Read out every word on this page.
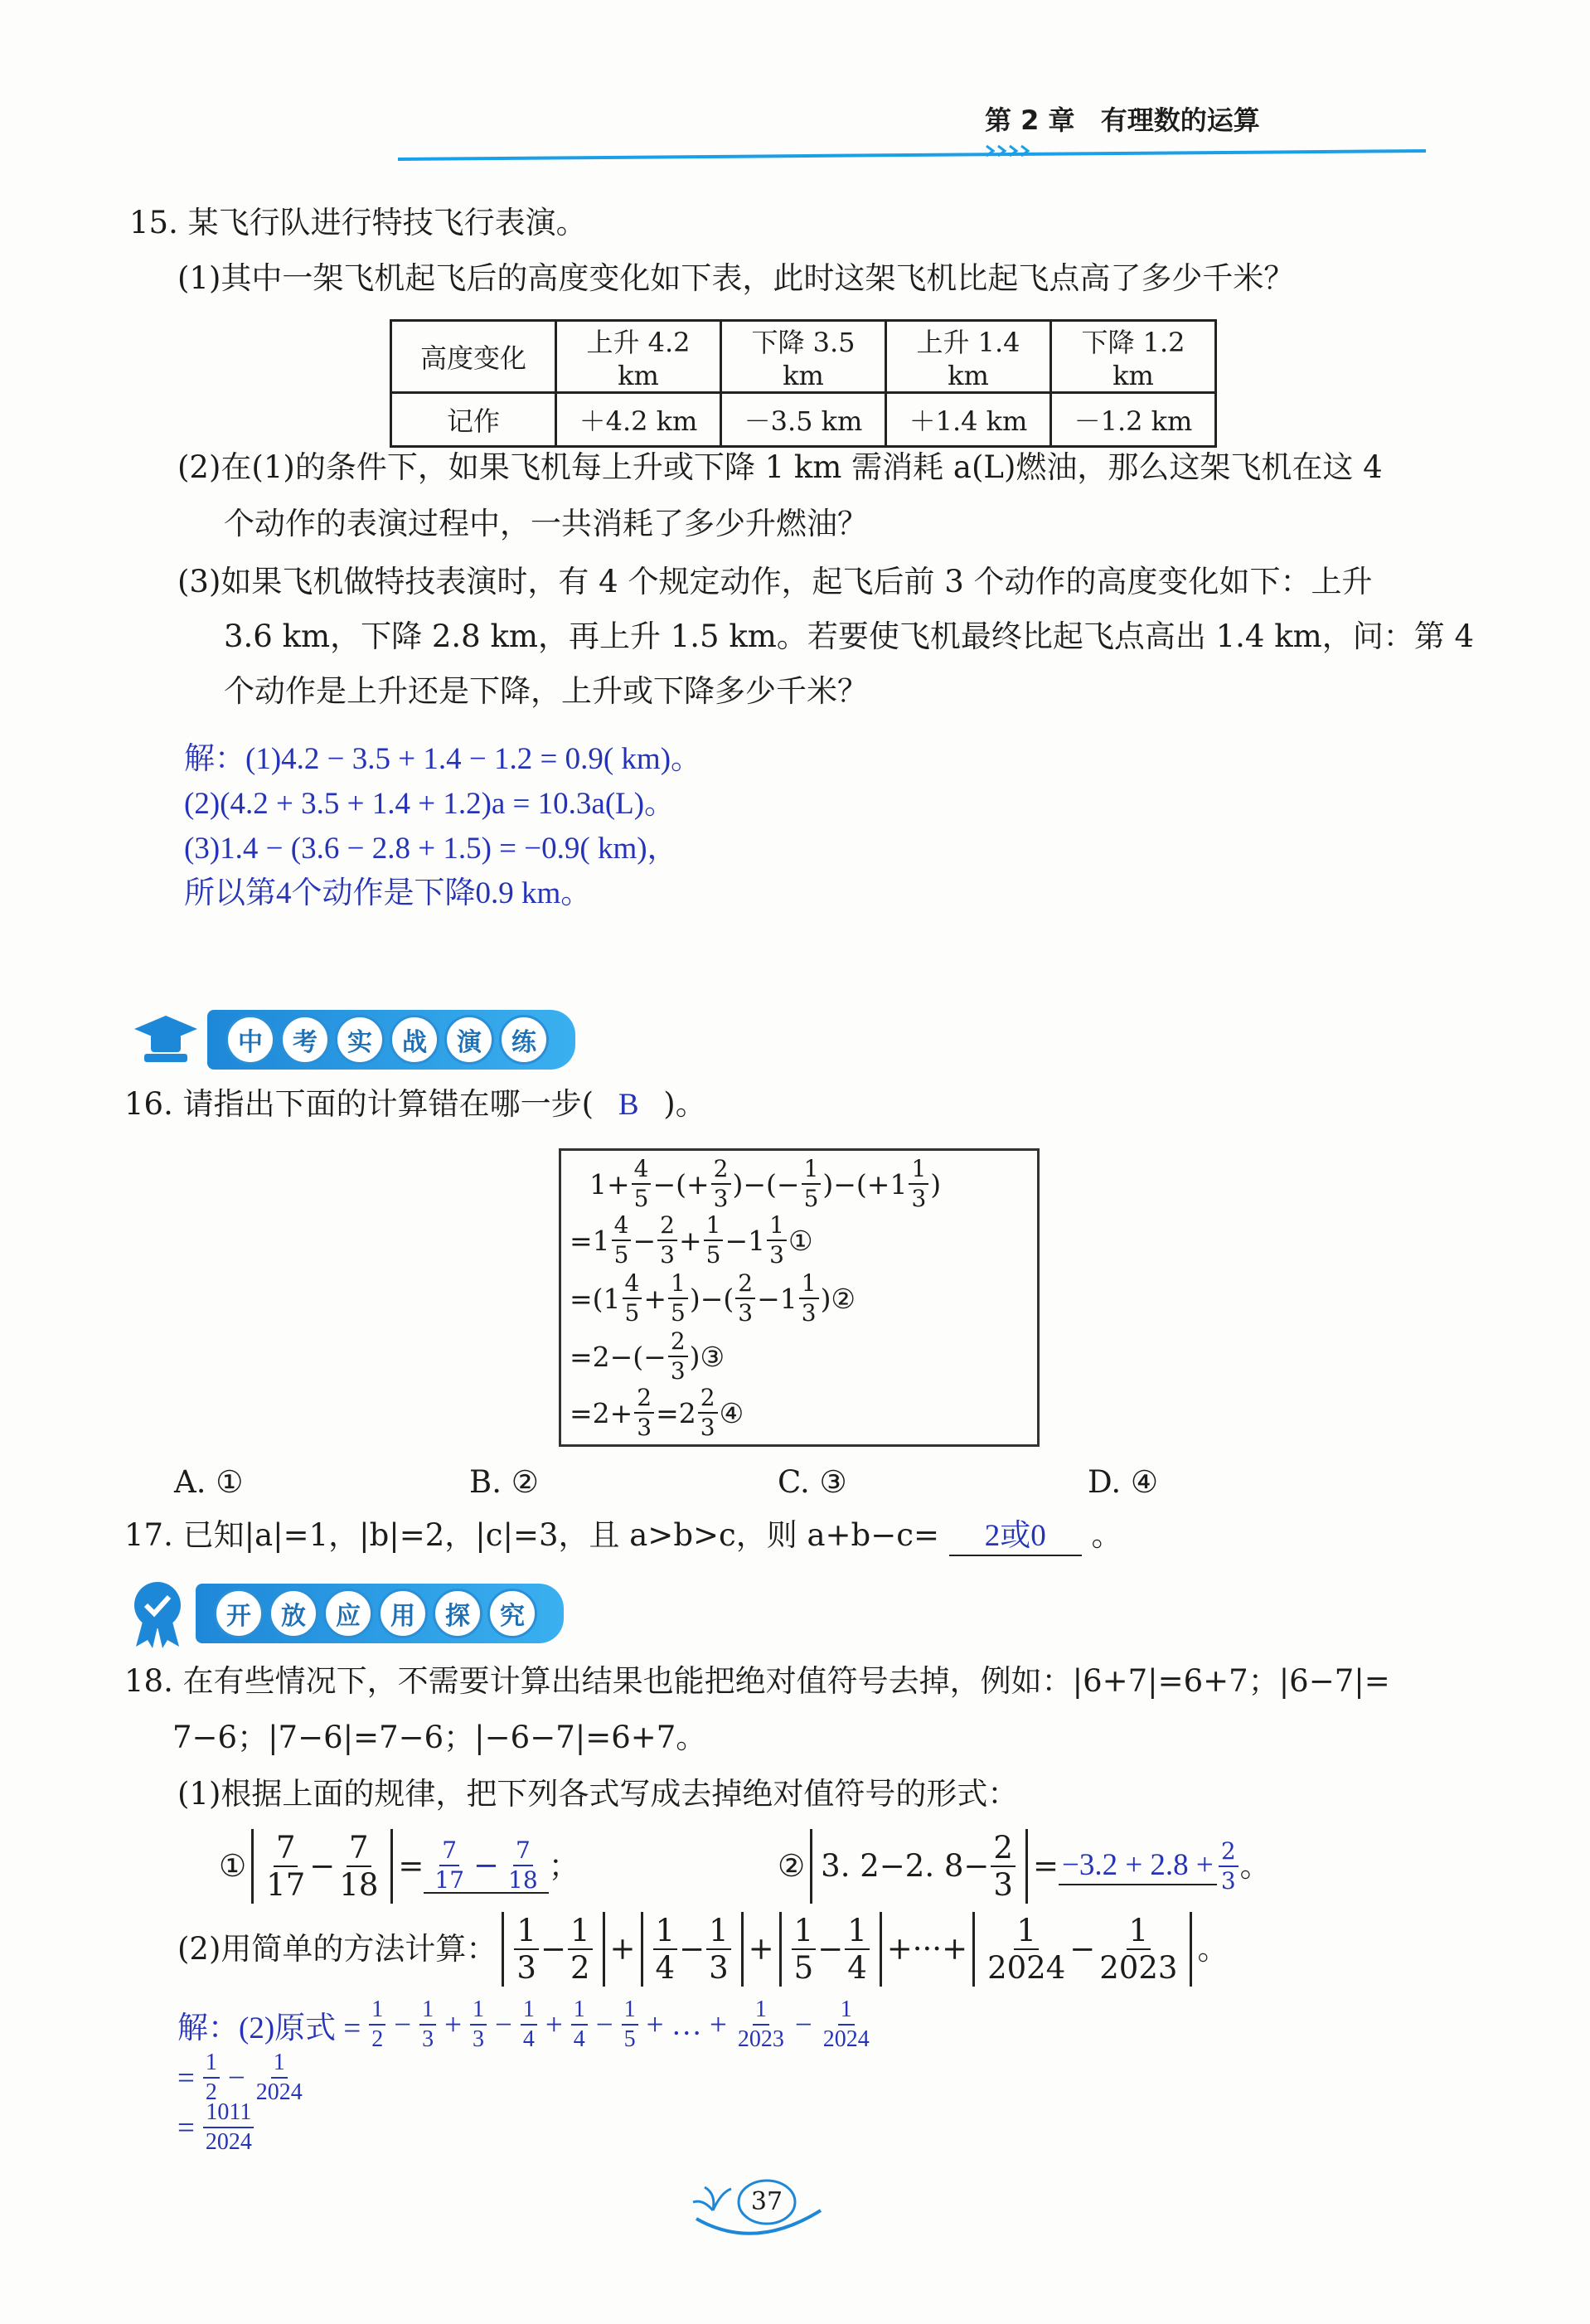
第 2 章 有理数的运算
15. 某飞行队进行特技飞行表演。
(1)其中一架飞机起飞后的高度变化如下表，此时这架飞机比起飞点高了多少千米？
高度变化	上升 4.2 km	下降 3.5 km	上升 1.4 km	下降 1.2 km
记作	＋4.2 km	－3.5 km	＋1.4 km	－1.2 km
(2)在(1)的条件下，如果飞机每上升或下降 1 km 需消耗 a(L)燃油，那么这架飞机在这 4
个动作的表演过程中，一共消耗了多少升燃油？
(3)如果飞机做特技表演时，有 4 个规定动作，起飞后前 3 个动作的高度变化如下：上升
3.6 km，下降 2.8 km，再上升 1.5 km。若要使飞机最终比起飞点高出 1.4 km，问：第 4
个动作是上升还是下降，上升或下降多少千米？
解：(1)4.2 − 3.5 + 1.4 − 1.2 = 0.9( km)。
(2)(4.2 + 3.5 + 1.4 + 1.2)a = 10.3a(L)。
(3)1.4 − (3.6 − 2.8 + 1.5) = −0.9( km)，
所以第4个动作是下降0.9 km。
中	考	实	战	演	练
16. 请指出下面的计算错在哪一步( B )。
$1+ \frac{4}{5}$ −(+ $\frac{2}{3}$ )−(− $\frac{1}{5} )-(+1 \frac{1}{3}$ )
$=1 \frac{4}{5} - \frac{2}{3} + \frac{1}{5} -1 \frac{1}{3}$ ①
$=(1 \frac{4}{5} + \frac{1}{5}$ )−( $\frac{2}{3} -1 \frac{1}{3}$ )②
$=2-(- \frac{2}{3}$ )③
$=2+ \frac{2}{3} =2 \frac{2}{3}$ ④
A. ①	B. ②	C. ③	D. ④
17. 已知|a|=1，|b|=2，|c|=3，且 a>b>c，则 a+b−c= 2或0 。
开	放	应	用	探	究
18. 在有些情况下，不需要计算出结果也能把绝对值符号去掉，例如：|6+7|=6+7；|6−7|=
7−6；|7−6|=7−6；|−6−7|=6+7。
(1)根据上面的规律，把下列各式写成去掉绝对值符号的形式：
① $\frac{7}{17} - \frac{7}{18} = \frac{7}{17} - \frac{7}{18}$ ；	② 3. 2−2. $8- \frac{2}{3} = -3.2 + 2.8 + \frac{2}{3}$ 。
(2)用简单的方法计算： $\frac{1}{3} - \frac{1}{2} + \frac{1}{4} - \frac{1}{3} + \frac{1}{5} - \frac{1}{4}$ +···+ $\frac{1}{2024} - \frac{1}{2023}$ 。
解：(2)原式 = $\frac{1}{2} - \frac{1}{3} + \frac{1}{3} - \frac{1}{4} + \frac{1}{4} - \frac{1}{5}$ + … + $\frac{1}{2023} - \frac{1}{2024}$
= $\frac{1}{2} - \frac{1}{2024}$
= $\frac{1011}{2024}$
37
